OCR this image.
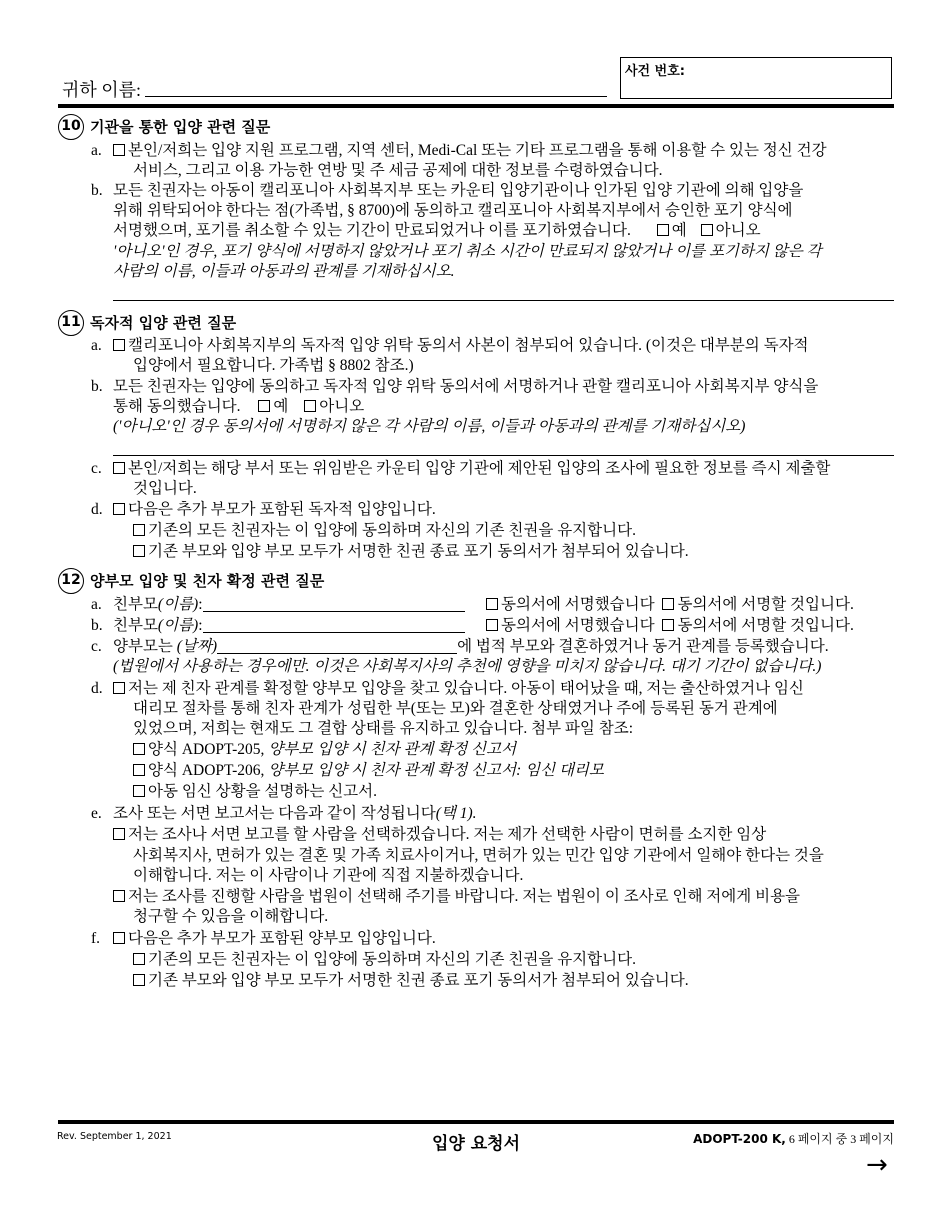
귀하 이름:
사건 번호:
10 기관을 통한 입양 관련 질문
a.	본인/저희는 입양 지원 프로그램, 지역 센터, Medi-Cal 또는 기타 프로그램을 통해 이용할 수 있는 정신 건강
서비스, 그리고 이용 가능한 연방 및 주 세금 공제에 대한 정보를 수령하였습니다.
b. 모든 친권자는 아동이 캘리포니아 사회복지부 또는 카운티 입양기관이나 인가된 입양 기관에 의해 입양을
위해 위탁되어야 한다는 점(가족법, § 8700)에 동의하고 캘리포니아 사회복지부에서 승인한 포기 양식에
서명했으며, 포기를 취소할 수 있는 기간이 만료되었거나 이를 포기하였습니다.	예 아니오
'아니오'인 경우, 포기 양식에 서명하지 않았거나 포기 취소 시간이 만료되지 않았거나 이를 포기하지 않은 각
사람의 이름, 이들과 아동과의 관계를 기재하십시오.
11 독자적 입양 관련 질문
a.	캘리포니아 사회복지부의 독자적 입양 위탁 동의서 사본이 첨부되어 있습니다. (이것은 대부분의 독자적
입양에서 필요합니다. 가족법 § 8802 참조.)
b. 모든 친권자는 입양에 동의하고 독자적 입양 위탁 동의서에 서명하거나 관할 캘리포니아 사회복지부 양식을
통해 동의했습니다. 예 아니오
('아니오'인 경우 동의서에 서명하지 않은 각 사람의 이름, 이들과 아동과의 관계를 기재하십시오)
c.	본인/저희는 해당 부서 또는 위임받은 카운티 입양 기관에 제안된 입양의 조사에 필요한 정보를 즉시 제출할
것입니다.
d.	다음은 추가 부모가 포함된 독자적 입양입니다.
기존의 모든 친권자는 이 입양에 동의하며 자신의 기존 친권을 유지합니다.
기존 부모와 입양 부모 모두가 서명한 친권 종료 포기 동의서가 첨부되어 있습니다.
12 양부모 입양 및 친자 확정 관련 질문
a. 친부모(이름):	동의서에 서명했습니다 동의서에 서명할 것입니다.
b. 친부모(이름):	동의서에 서명했습니다 동의서에 서명할 것입니다.
c. 양부모는 (날짜)	에 법적 부모와 결혼하였거나 동거 관계를 등록했습니다.
(법원에서 사용하는 경우에만. 이것은 사회복지사의 추천에 영향을 미치지 않습니다. 대기 기간이 없습니다.)
d.	저는 제 친자 관계를 확정할 양부모 입양을 찾고 있습니다. 아동이 태어났을 때, 저는 출산하였거나 임신
대리모 절차를 통해 친자 관계가 성립한 부(또는 모)와 결혼한 상태였거나 주에 등록된 동거 관계에
있었으며, 저희는 현재도 그 결합 상태를 유지하고 있습니다. 첨부 파일 참조:
양식 ADOPT-205, 양부모 입양 시 친자 관계 확정 신고서
양식 ADOPT-206, 양부모 입양 시 친자 관계 확정 신고서: 임신 대리모
아동 임신 상황을 설명하는 신고서.
e. 조사 또는 서면 보고서는 다음과 같이 작성됩니다(택 1).
저는 조사나 서면 보고를 할 사람을 선택하겠습니다. 저는 제가 선택한 사람이 면허를 소지한 임상
사회복지사, 면허가 있는 결혼 및 가족 치료사이거나, 면허가 있는 민간 입양 기관에서 일해야 한다는 것을
이해합니다. 저는 이 사람이나 기관에 직접 지불하겠습니다.
저는 조사를 진행할 사람을 법원이 선택해 주기를 바랍니다. 저는 법원이 이 조사로 인해 저에게 비용을
청구할 수 있음을 이해합니다.
f.	다음은 추가 부모가 포함된 양부모 입양입니다.
기존의 모든 친권자는 이 입양에 동의하며 자신의 기존 친권을 유지합니다.
기존 부모와 입양 부모 모두가 서명한 친권 종료 포기 동의서가 첨부되어 있습니다.
Rev. September 1, 2021	입양 요청서	ADOPT-200 K, 6 페이지 중 3 페이지
→
